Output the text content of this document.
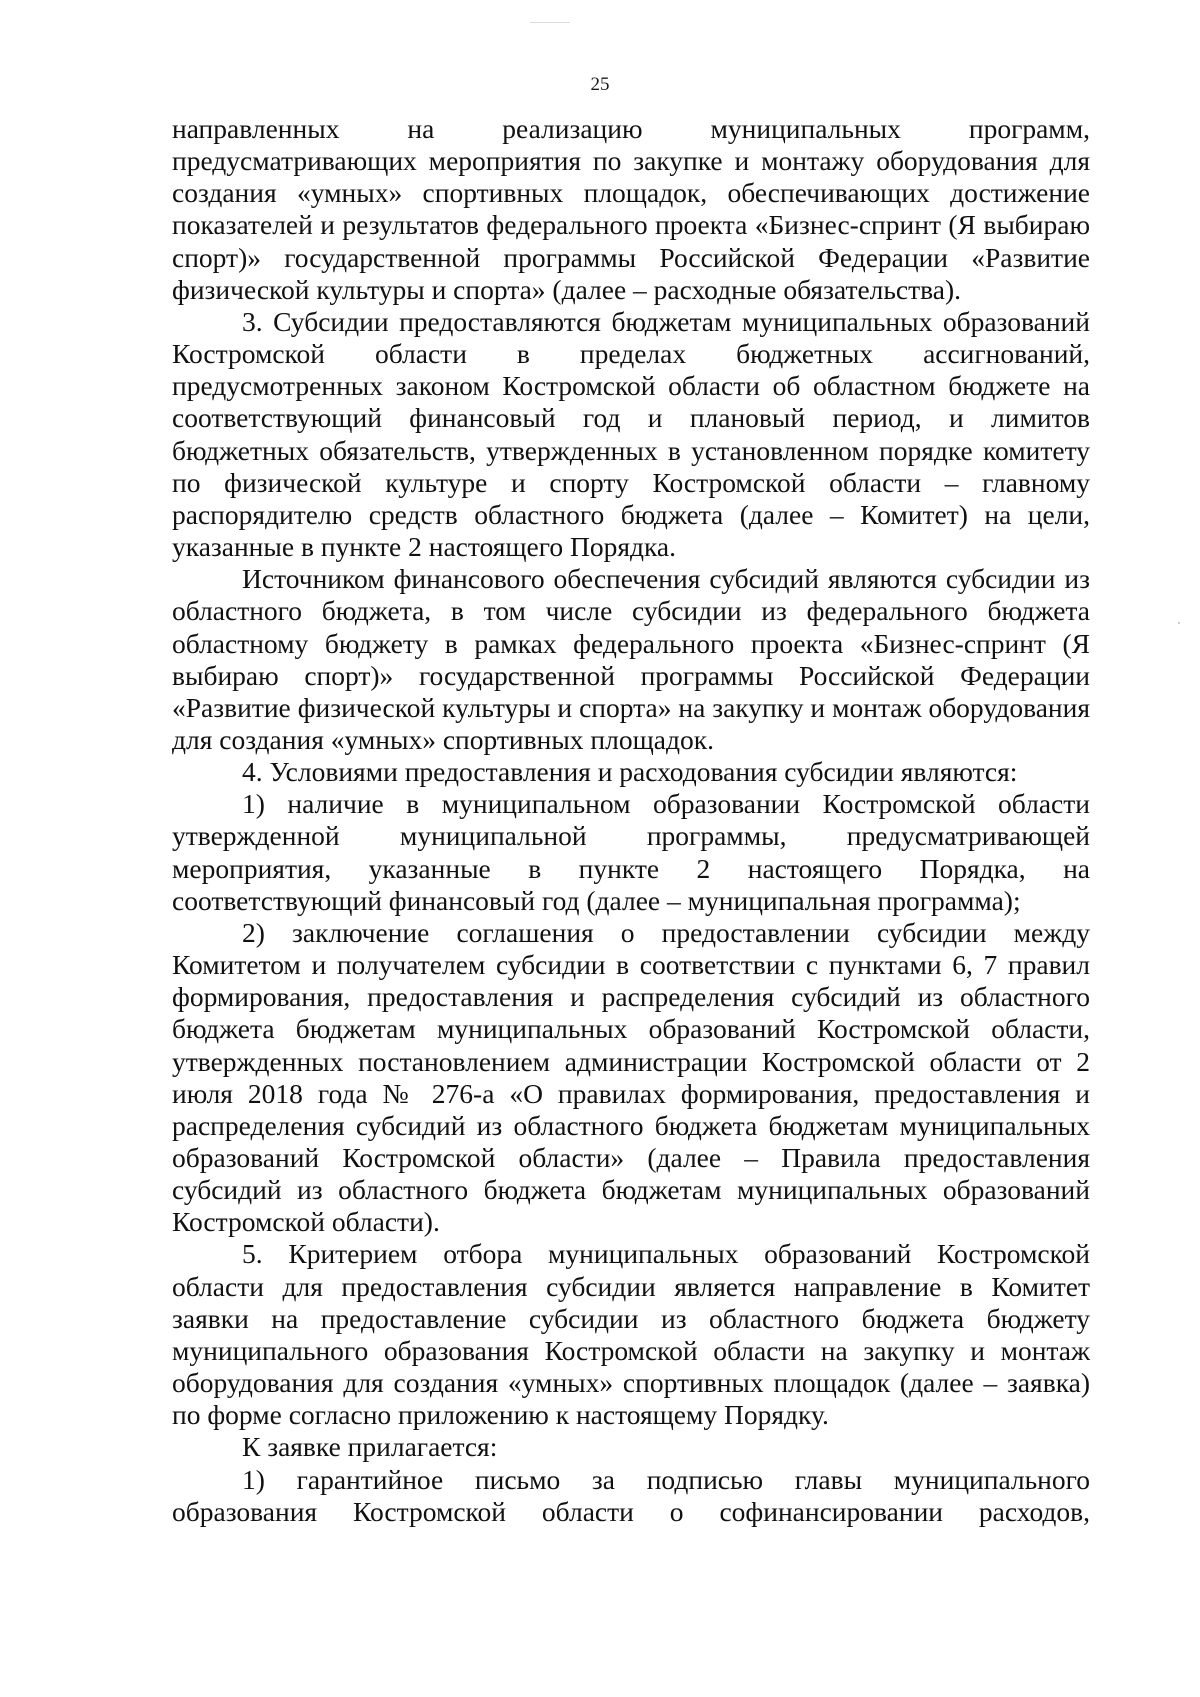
25

направленных на реализацию муниципальных программ, предусматривающих мероприятия по закупке и монтажу оборудования для создания «умных» спортивных площадок, обеспечивающих достижение показателей и результатов федерального проекта «Бизнес-спринт (Я выбираю спорт)» государственной программы Российской Федерации «Развитие физической культуры и спорта» (далее – расходные обязательства).

3. Субсидии предоставляются бюджетам муниципальных образований Костромской области в пределах бюджетных ассигнований, предусмотренных законом Костромской области об областном бюджете на соответствующий финансовый год и плановый период, и лимитов бюджетных обязательств, утвержденных в установленном порядке комитету по физической культуре и спорту Костромской области – главному распорядителю средств областного бюджета (далее – Комитет) на цели, указанные в пункте 2 настоящего Порядка.

Источником финансового обеспечения субсидий являются субсидии из областного бюджета, в том числе субсидии из федерального бюджета областному бюджету в рамках федерального проекта «Бизнес-спринт (Я выбираю спорт)» государственной программы Российской Федерации «Развитие физической культуры и спорта» на закупку и монтаж оборудования для создания «умных» спортивных площадок.

4. Условиями предоставления и расходования субсидии являются:

1) наличие в муниципальном образовании Костромской области утвержденной муниципальной программы, предусматривающей мероприятия, указанные в пункте 2 настоящего Порядка, на соответствующий финансовый год (далее – муниципальная программа);

2) заключение соглашения о предоставлении субсидии между Комитетом и получателем субсидии в соответствии с пунктами 6, 7 правил формирования, предоставления и распределения субсидий из областного бюджета бюджетам муниципальных образований Костромской области, утвержденных постановлением администрации Костромской области от 2 июля 2018 года № 276-а «О правилах формирования, предоставления и распределения субсидий из областного бюджета бюджетам муниципальных образований Костромской области» (далее – Правила предоставления субсидий из областного бюджета бюджетам муниципальных образований Костромской области).

5. Критерием отбора муниципальных образований Костромской области для предоставления субсидии является направление в Комитет заявки на предоставление субсидии из областного бюджета бюджету муниципального образования Костромской области на закупку и монтаж оборудования для создания «умных» спортивных площадок (далее – заявка) по форме согласно приложению к настоящему Порядку.

К заявке прилагается:

1) гарантийное письмо за подписью главы муниципального образования Костромской области о софинансировании расходов,
